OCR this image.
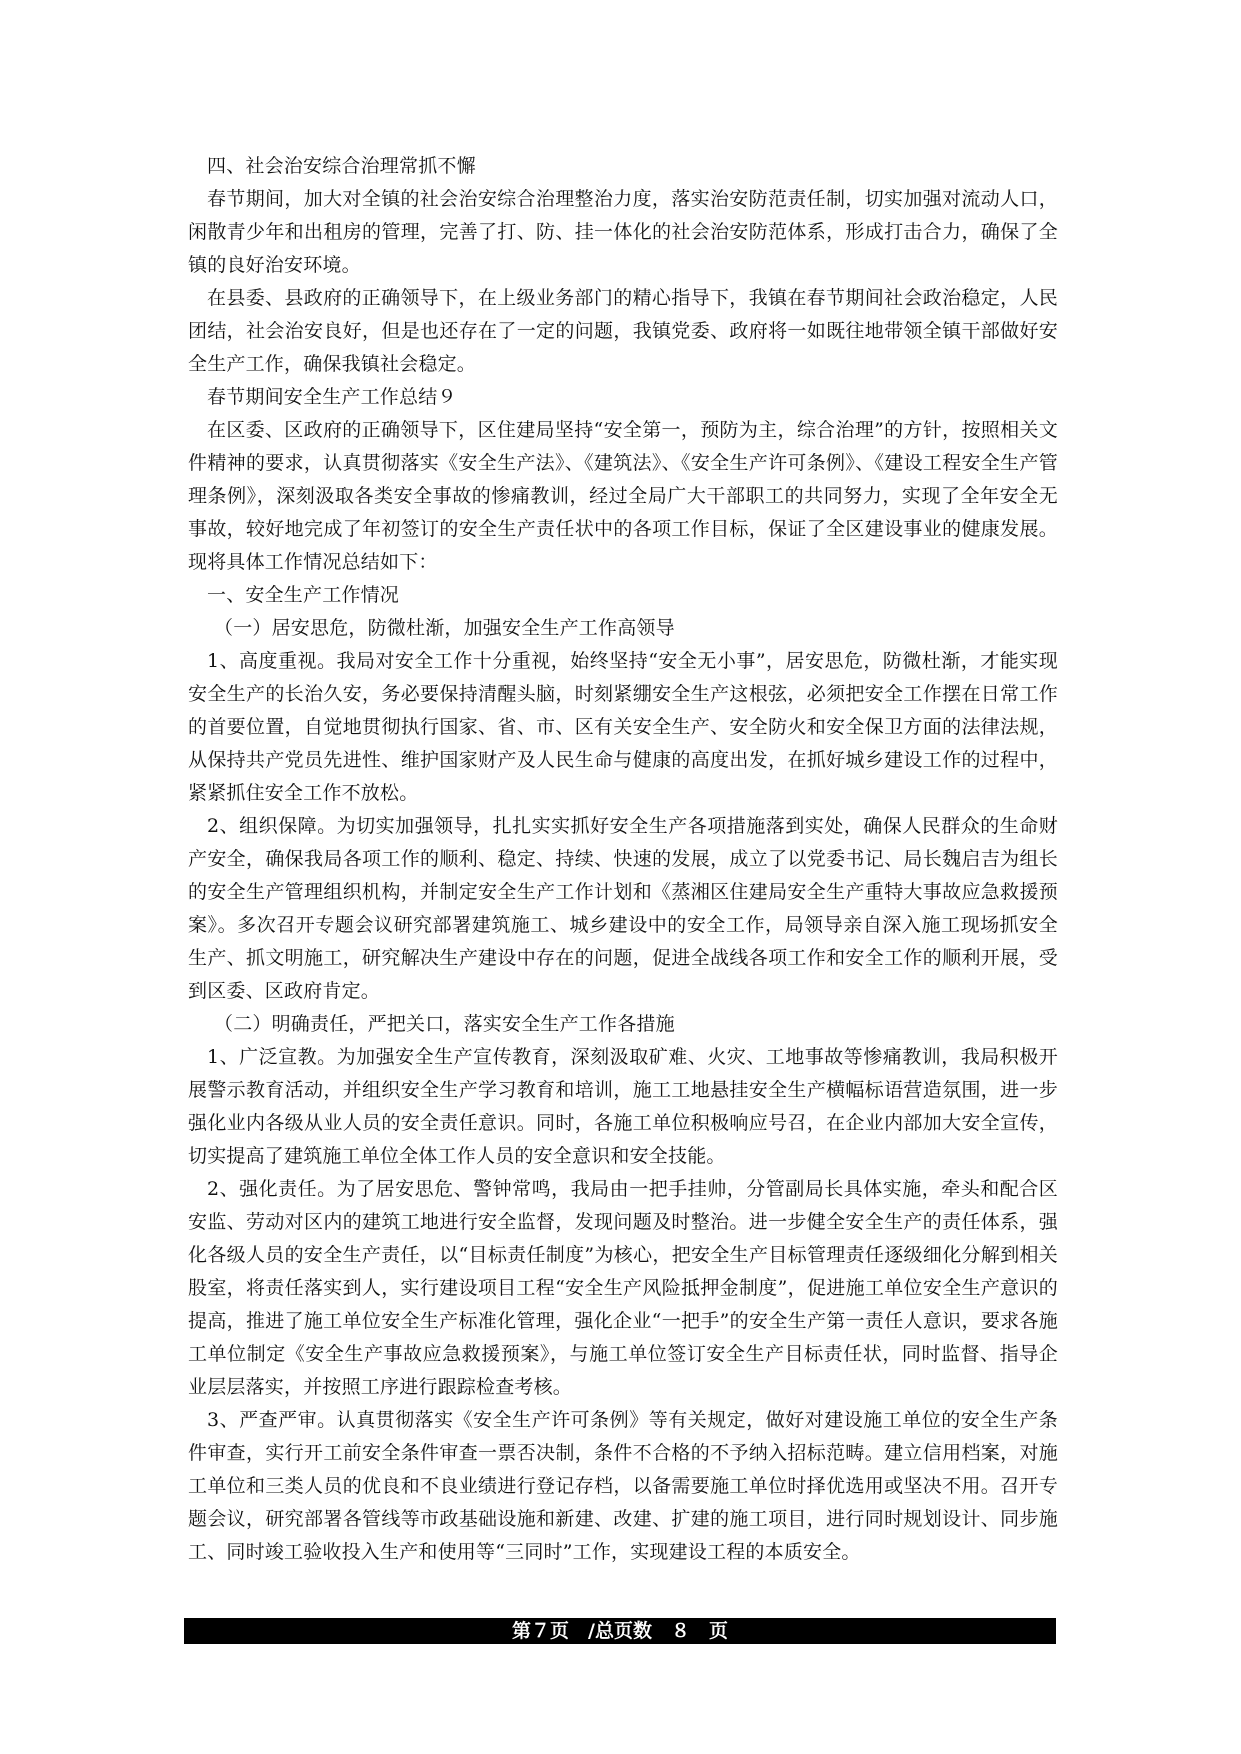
四、社会治安综合治理常抓不懈

春节期间，加大对全镇的社会治安综合治理整治力度，落实治安防范责任制，切实加强对流动人口，闲散青少年和出租房的管理，完善了打、防、挂一体化的社会治安防范体系，形成打击合力，确保了全镇的良好治安环境。

在县委、县政府的正确领导下，在上级业务部门的精心指导下，我镇在春节期间社会政治稳定，人民团结，社会治安良好，但是也还存在了一定的问题，我镇党委、政府将一如既往地带领全镇干部做好安全生产工作，确保我镇社会稳定。

春节期间安全生产工作总结９

在区委、区政府的正确领导下，区住建局坚持“安全第一，预防为主，综合治理”的方针，按照相关文件精神的要求，认真贯彻落实《安全生产法》、《建筑法》、《安全生产许可条例》、《建设工程安全生产管理条例》，深刻汲取各类安全事故的惨痛教训，经过全局广大干部职工的共同努力，实现了全年安全无事故，较好地完成了年初签订的安全生产责任状中的各项工作目标，保证了全区建设事业的健康发展。现将具体工作情况总结如下：

一、安全生产工作情况

（一）居安思危，防微杜渐，加强安全生产工作高领导

1、高度重视。我局对安全工作十分重视，始终坚持“安全无小事”，居安思危，防微杜渐，才能实现安全生产的长治久安，务必要保持清醒头脑，时刻紧绷安全生产这根弦，必须把安全工作摆在日常工作的首要位置，自觉地贯彻执行国家、省、市、区有关安全生产、安全防火和安全保卫方面的法律法规，从保持共产党员先进性、维护国家财产及人民生命与健康的高度出发，在抓好城乡建设工作的过程中，紧紧抓住安全工作不放松。

2、组织保障。为切实加强领导，扎扎实实抓好安全生产各项措施落到实处，确保人民群众的生命财产安全，确保我局各项工作的顺利、稳定、持续、快速的发展，成立了以党委书记、局长魏启吉为组长的安全生产管理组织机构，并制定安全生产工作计划和《蒸湘区住建局安全生产重特大事故应急救援预案》。多次召开专题会议研究部署建筑施工、城乡建设中的安全工作，局领导亲自深入施工现场抓安全生产、抓文明施工，研究解决生产建设中存在的问题，促进全战线各项工作和安全工作的顺利开展，受到区委、区政府肯定。

（二）明确责任，严把关口，落实安全生产工作各措施

1、广泛宣教。为加强安全生产宣传教育，深刻汲取矿难、火灾、工地事故等惨痛教训，我局积极开展警示教育活动，并组织安全生产学习教育和培训，施工工地悬挂安全生产横幅标语营造氛围，进一步强化业内各级从业人员的安全责任意识。同时，各施工单位积极响应号召，在企业内部加大安全宣传，切实提高了建筑施工单位全体工作人员的安全意识和安全技能。

2、强化责任。为了居安思危、警钟常鸣，我局由一把手挂帅，分管副局长具体实施，牵头和配合区安监、劳动对区内的建筑工地进行安全监督，发现问题及时整治。进一步健全安全生产的责任体系，强化各级人员的安全生产责任，以“目标责任制度”为核心，把安全生产目标管理责任逐级细化分解到相关股室，将责任落实到人，实行建设项目工程“安全生产风险抵押金制度”，促进施工单位安全生产意识的提高，推进了施工单位安全生产标准化管理，强化企业“一把手”的安全生产第一责任人意识，要求各施工单位制定《安全生产事故应急救援预案》，与施工单位签订安全生产目标责任状，同时监督、指导企业层层落实，并按照工序进行跟踪检查考核。

3、严查严审。认真贯彻落实《安全生产许可条例》等有关规定，做好对建设施工单位的安全生产条件审查，实行开工前安全条件审查一票否决制，条件不合格的不予纳入招标范畴。建立信用档案，对施工单位和三类人员的优良和不良业绩进行登记存档，以备需要施工单位时择优选用或坚决不用。召开专题会议，研究部署各管线等市政基础设施和新建、改建、扩建的施工项目，进行同时规划设计、同步施工、同时竣工验收投入生产和使用等“三同时”工作，实现建设工程的本质安全。

第７页　/总页数　８　页
